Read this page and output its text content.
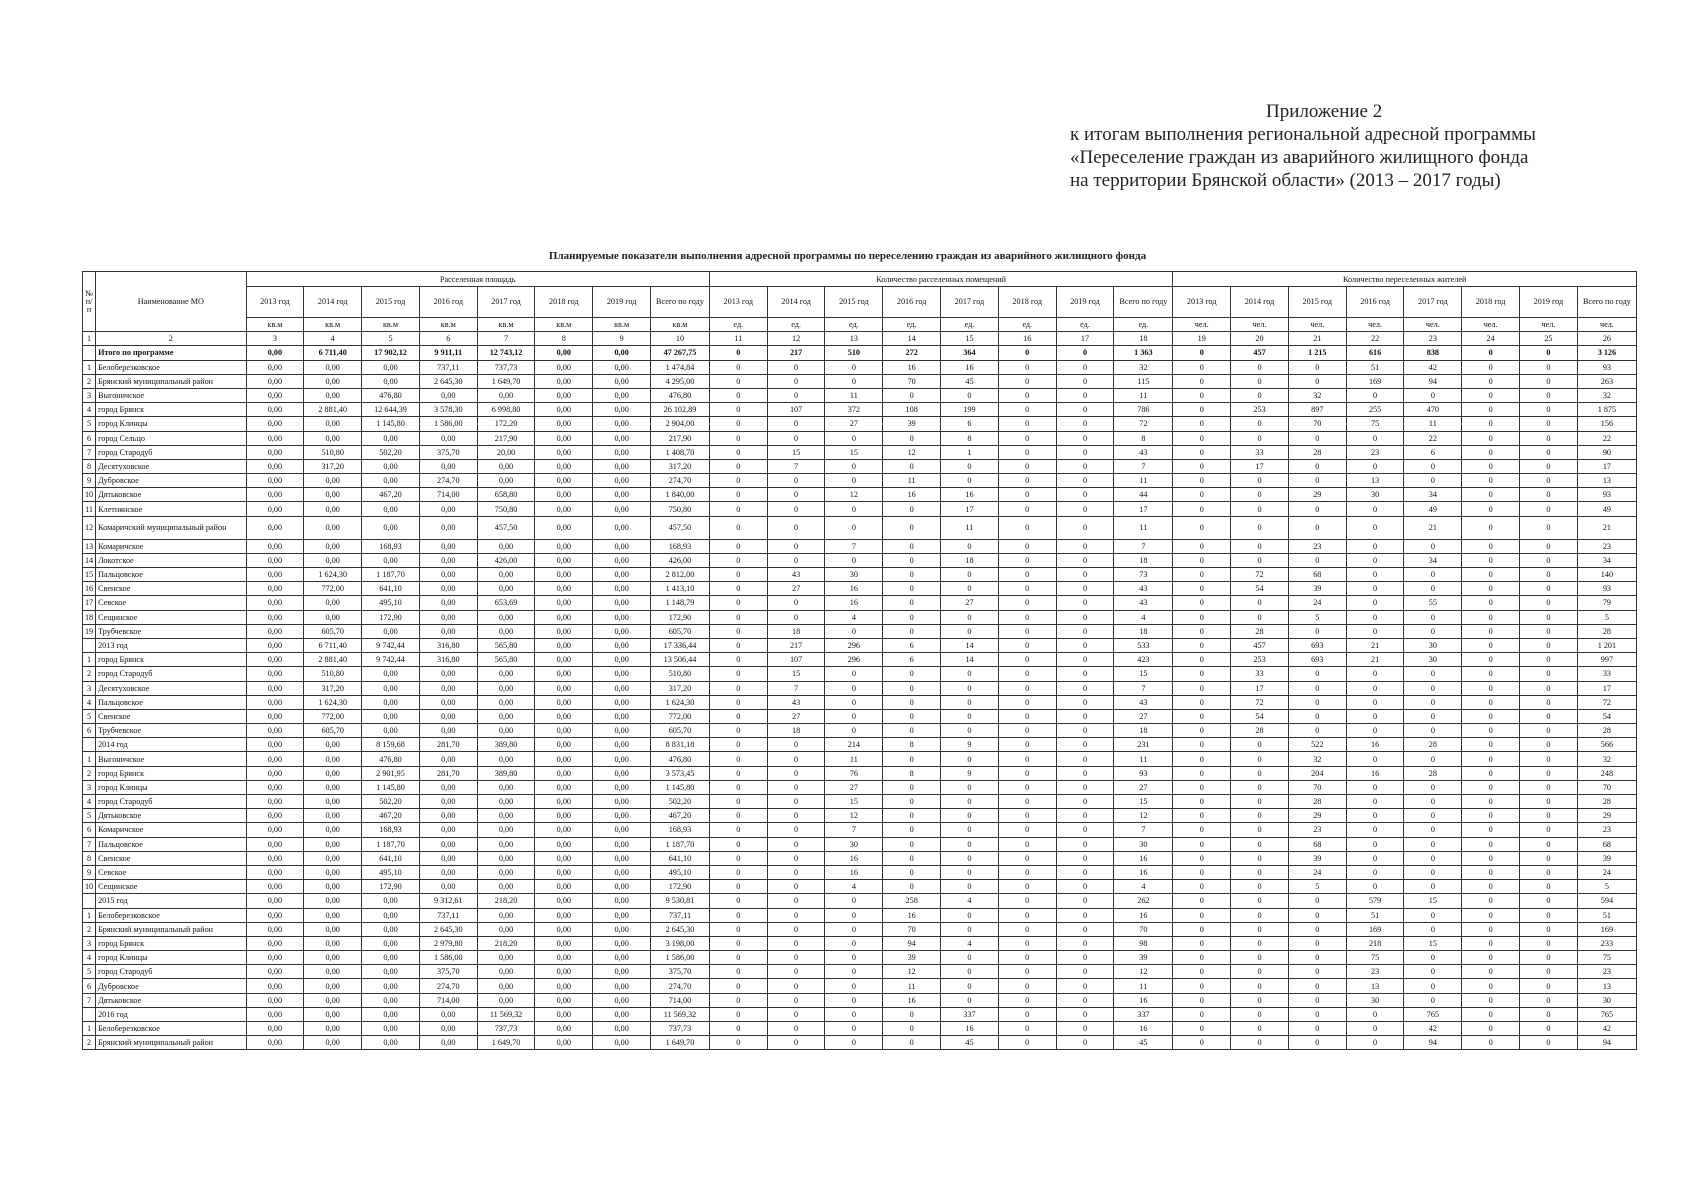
Приложение 2
к итогам выполнения региональной адресной программы
«Переселение граждан из аварийного жилищного фонда
на территории Брянской области» (2013 – 2017 годы)
Планируемые показатели выполнения адресной программы по переселению граждан из аварийного жилищного фонда
№ п/п	Наименование МО	Расселенная площадь								Количество расселенных помещений								Количество переселенных жителей							
		2013 год	2014 год	2015 год	2016 год	2017 год	2018 год	2019 год	Всего по году	2013 год	2014 год	2015 год	2016 год	2017 год	2018 год	2019 год	Всего по году	2013 год	2014 год	2015 год	2016 год	2017 год	2018 год	2019 год	Всего по году
		кв.м	кв.м	кв.м	кв.м	кв.м	кв.м	кв.м	кв.м	ед.	ед.	ед.	ед.	ед.	ед.	ед.	ед.	чел.	чел.	чел.	чел.	чел.	чел.	чел.	чел.
1	2	3	4	5	6	7	8	9	10	11	12	13	14	15	16	17	18	19	20	21	22	23	24	25	26
	Итого по программе	0,00	6 711,40	17 902,12	9 911,11	12 743,12	0,00	0,00	47 267,75	0	217	510	272	364	0	0	1 363	0	457	1 215	616	838	0	0	3 126
1	Белоберезковское	0,00	0,00	0,00	737,11	737,73	0,00	0,00	1 474,84	0	0	0	16	16	0	0	32	0	0	0	51	42	0	0	93
2	Брянский муниципальный район	0,00	0,00	0,00	2 645,30	1 649,70	0,00	0,00	4 295,00	0	0	0	70	45	0	0	115	0	0	0	169	94	0	0	263
3	Выгоничское	0,00	0,00	476,80	0,00	0,00	0,00	0,00	476,80	0	0	11	0	0	0	0	11	0	0	32	0	0	0	0	32
4	город Брянск	0,00	2 881,40	12 644,39	3 578,30	6 998,80	0,00	0,00	26 102,89	0	107	372	108	199	0	0	786	0	253	897	255	470	0	0	1 875
5	город Клинцы	0,00	0,00	1 145,80	1 586,00	172,20	0,00	0,00	2 904,00	0	0	27	39	6	0	0	72	0	0	70	75	11	0	0	156
6	город Сельцо	0,00	0,00	0,00	0,00	217,90	0,00	0,00	217,90	0	0	0	0	8	0	0	8	0	0	0	0	22	0	0	22
7	город Стародуб	0,00	510,80	502,20	375,70	20,00	0,00	0,00	1 408,70	0	15	15	12	1	0	0	43	0	33	28	23	6	0	0	90
8	Десятуховское	0,00	317,20	0,00	0,00	0,00	0,00	0,00	317,20	0	7	0	0	0	0	0	7	0	17	0	0	0	0	0	17
9	Дубровское	0,00	0,00	0,00	274,70	0,00	0,00	0,00	274,70	0	0	0	11	0	0	0	11	0	0	0	13	0	0	0	13
10	Дятьковское	0,00	0,00	467,20	714,00	658,80	0,00	0,00	1 840,00	0	0	12	16	16	0	0	44	0	0	29	30	34	0	0	93
11	Клетнянское	0,00	0,00	0,00	0,00	750,80	0,00	0,00	750,80	0	0	0	0	17	0	0	17	0	0	0	0	49	0	0	49
12	Комаричский муниципальный район	0,00	0,00	0,00	0,00	457,50	0,00	0,00	457,50	0	0	0	0	11	0	0	11	0	0	0	0	21	0	0	21
13	Комаричское	0,00	0,00	168,93	0,00	0,00	0,00	0,00	168,93	0	0	7	0	0	0	0	7	0	0	23	0	0	0	0	23
14	Локотское	0,00	0,00	0,00	0,00	426,00	0,00	0,00	426,00	0	0	0	0	18	0	0	18	0	0	0	0	34	0	0	34
15	Пальцовское	0,00	1 624,30	1 187,70	0,00	0,00	0,00	0,00	2 812,00	0	43	30	0	0	0	0	73	0	72	68	0	0	0	0	140
16	Свенское	0,00	772,00	641,10	0,00	0,00	0,00	0,00	1 413,10	0	27	16	0	0	0	0	43	0	54	39	0	0	0	0	93
17	Севское	0,00	0,00	495,10	0,00	653,69	0,00	0,00	1 148,79	0	0	16	0	27	0	0	43	0	0	24	0	55	0	0	79
18	Сещинское	0,00	0,00	172,90	0,00	0,00	0,00	0,00	172,90	0	0	4	0	0	0	0	4	0	0	5	0	0	0	0	5
19	Трубчевское	0,00	605,70	0,00	0,00	0,00	0,00	0,00	605,70	0	18	0	0	0	0	0	18	0	28	0	0	0	0	0	28
	2013 год	0,00	6 711,40	9 742,44	316,80	565,80	0,00	0,00	17 336,44	0	217	296	6	14	0	0	533	0	457	693	21	30	0	0	1 201
1	город Брянск	0,00	2 881,40	9 742,44	316,80	565,80	0,00	0,00	13 506,44	0	107	296	6	14	0	0	423	0	253	693	21	30	0	0	997
2	город Стародуб	0,00	510,80	0,00	0,00	0,00	0,00	0,00	510,80	0	15	0	0	0	0	0	15	0	33	0	0	0	0	0	33
3	Десятуховское	0,00	317,20	0,00	0,00	0,00	0,00	0,00	317,20	0	7	0	0	0	0	0	7	0	17	0	0	0	0	0	17
4	Пальцовское	0,00	1 624,30	0,00	0,00	0,00	0,00	0,00	1 624,30	0	43	0	0	0	0	0	43	0	72	0	0	0	0	0	72
5	Свенское	0,00	772,00	0,00	0,00	0,00	0,00	0,00	772,00	0	27	0	0	0	0	0	27	0	54	0	0	0	0	0	54
6	Трубчевское	0,00	605,70	0,00	0,00	0,00	0,00	0,00	605,70	0	18	0	0	0	0	0	18	0	28	0	0	0	0	0	28
	2014 год	0,00	0,00	8 159,68	281,70	389,80	0,00	0,00	8 831,18	0	0	214	8	9	0	0	231	0	0	522	16	28	0	0	566
1	Выгоничское	0,00	0,00	476,80	0,00	0,00	0,00	0,00	476,80	0	0	11	0	0	0	0	11	0	0	32	0	0	0	0	32
2	город Брянск	0,00	0,00	2 901,95	281,70	389,80	0,00	0,00	3 573,45	0	0	76	8	9	0	0	93	0	0	204	16	28	0	0	248
3	город Клинцы	0,00	0,00	1 145,80	0,00	0,00	0,00	0,00	1 145,80	0	0	27	0	0	0	0	27	0	0	70	0	0	0	0	70
4	город Стародуб	0,00	0,00	502,20	0,00	0,00	0,00	0,00	502,20	0	0	15	0	0	0	0	15	0	0	28	0	0	0	0	28
5	Дятьковское	0,00	0,00	467,20	0,00	0,00	0,00	0,00	467,20	0	0	12	0	0	0	0	12	0	0	29	0	0	0	0	29
6	Комаричское	0,00	0,00	168,93	0,00	0,00	0,00	0,00	168,93	0	0	7	0	0	0	0	7	0	0	23	0	0	0	0	23
7	Пальцовское	0,00	0,00	1 187,70	0,00	0,00	0,00	0,00	1 187,70	0	0	30	0	0	0	0	30	0	0	68	0	0	0	0	68
8	Свенское	0,00	0,00	641,10	0,00	0,00	0,00	0,00	641,10	0	0	16	0	0	0	0	16	0	0	39	0	0	0	0	39
9	Севское	0,00	0,00	495,10	0,00	0,00	0,00	0,00	495,10	0	0	16	0	0	0	0	16	0	0	24	0	0	0	0	24
10	Сещинское	0,00	0,00	172,90	0,00	0,00	0,00	0,00	172,90	0	0	4	0	0	0	0	4	0	0	5	0	0	0	0	5
	2015 год	0,00	0,00	0,00	9 312,61	218,20	0,00	0,00	9 530,81	0	0	0	258	4	0	0	262	0	0	0	579	15	0	0	594
1	Белоберезковское	0,00	0,00	0,00	737,11	0,00	0,00	0,00	737,11	0	0	0	16	0	0	0	16	0	0	0	51	0	0	0	51
2	Брянский муниципальный район	0,00	0,00	0,00	2 645,30	0,00	0,00	0,00	2 645,30	0	0	0	70	0	0	0	70	0	0	0	169	0	0	0	169
3	город Брянск	0,00	0,00	0,00	2 979,80	218,20	0,00	0,00	3 198,00	0	0	0	94	4	0	0	98	0	0	0	218	15	0	0	233
4	город Клинцы	0,00	0,00	0,00	1 586,00	0,00	0,00	0,00	1 586,00	0	0	0	39	0	0	0	39	0	0	0	75	0	0	0	75
5	город Стародуб	0,00	0,00	0,00	375,70	0,00	0,00	0,00	375,70	0	0	0	12	0	0	0	12	0	0	0	23	0	0	0	23
6	Дубровское	0,00	0,00	0,00	274,70	0,00	0,00	0,00	274,70	0	0	0	11	0	0	0	11	0	0	0	13	0	0	0	13
7	Дятьковское	0,00	0,00	0,00	714,00	0,00	0,00	0,00	714,00	0	0	0	16	0	0	0	16	0	0	0	30	0	0	0	30
	2016 год	0,00	0,00	0,00	0,00	11 569,32	0,00	0,00	11 569,32	0	0	0	0	337	0	0	337	0	0	0	0	765	0	0	765
1	Белоберезковское	0,00	0,00	0,00	0,00	737,73	0,00	0,00	737,73	0	0	0	0	16	0	0	16	0	0	0	0	42	0	0	42
2	Брянский муниципальный район	0,00	0,00	0,00	0,00	1 649,70	0,00	0,00	1 649,70	0	0	0	0	45	0	0	45	0	0	0	0	94	0	0	94
